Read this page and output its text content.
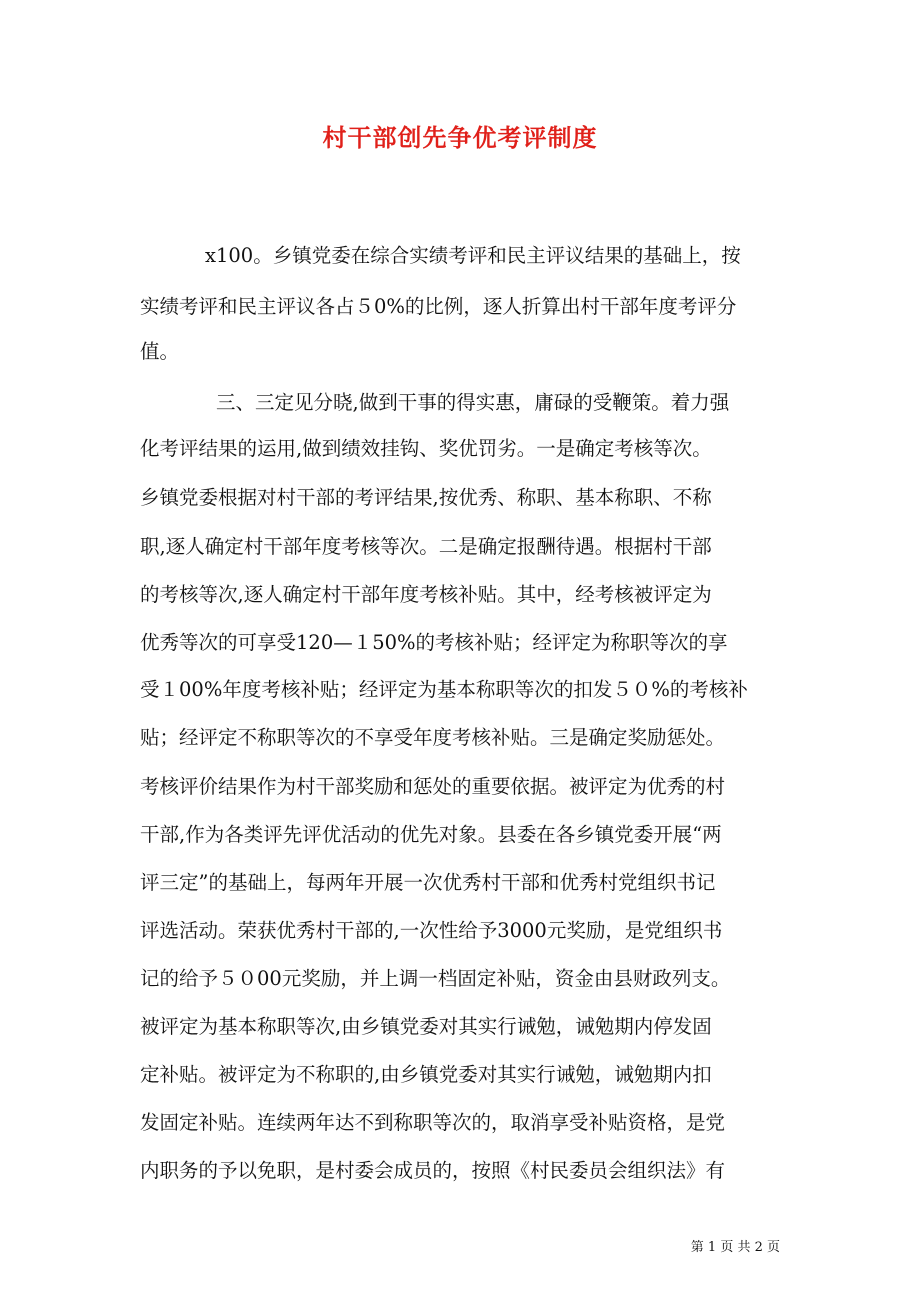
村干部创先争优考评制度
x100。乡镇党委在综合实绩考评和民主评议结果的基础上，按
实绩考评和民主评议各占５0%的比例，逐人折算出村干部年度考评分
值。
三、三定见分晓,做到干事的得实惠，庸碌的受鞭策。着力强
化考评结果的运用,做到绩效挂钩、奖优罚劣。一是确定考核等次。
乡镇党委根据对村干部的考评结果,按优秀、称职、基本称职、不称
职,逐人确定村干部年度考核等次。二是确定报酬待遇。根据村干部
的考核等次,逐人确定村干部年度考核补贴。其中，经考核被评定为
优秀等次的可享受120—１50%的考核补贴；经评定为称职等次的享
受１00%年度考核补贴；经评定为基本称职等次的扣发５０%的考核补
贴；经评定不称职等次的不享受年度考核补贴。三是确定奖励惩处。
考核评价结果作为村干部奖励和惩处的重要依据。被评定为优秀的村
干部,作为各类评先评优活动的优先对象。县委在各乡镇党委开展“两
评三定”的基础上，每两年开展一次优秀村干部和优秀村党组织书记
评选活动。荣获优秀村干部的,一次性给予3000元奖励，是党组织书
记的给予５０00元奖励，并上调一档固定补贴，资金由县财政列支。
被评定为基本称职等次,由乡镇党委对其实行诫勉，诫勉期内停发固
定补贴。被评定为不称职的,由乡镇党委对其实行诫勉，诫勉期内扣
发固定补贴。连续两年达不到称职等次的，取消享受补贴资格，是党
内职务的予以免职，是村委会成员的，按照《村民委员会组织法》有
第 1 页 共 2 页
